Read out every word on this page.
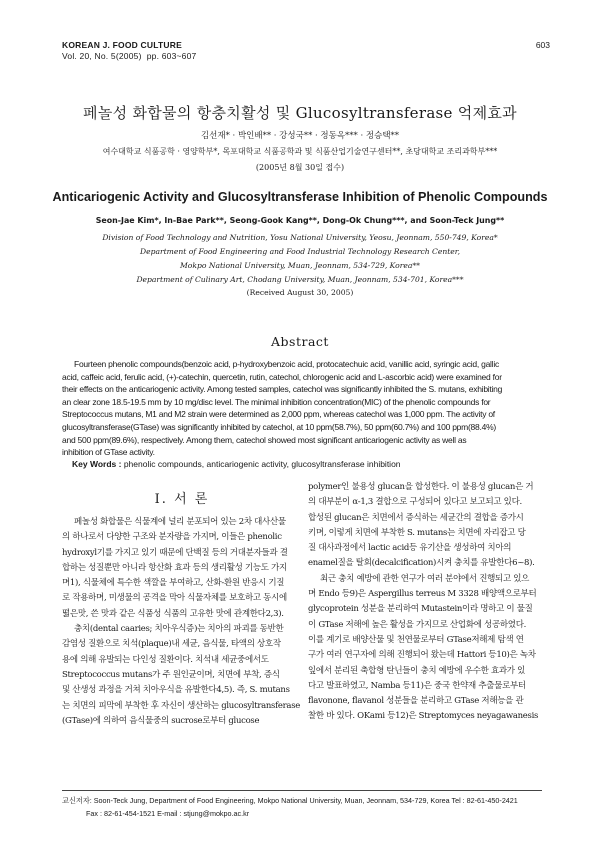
KOREAN J. FOOD CULTURE
Vol. 20, No. 5(2005) pp. 603~607
603
페놀성 화합물의 항충치활성 및 Glucosyltransferase 억제효과
김선재* · 박인배** · 강성국** · 정동옥*** · 정승택**
여수대학교 식품공학 · 영양학부*, 목포대학교 식품공학과 및 식품산업기술연구센터**, 초당대학교 조리과학부***
(2005년 8월 30일 접수)
Anticariogenic Activity and Glucosyltransferase Inhibition of Phenolic Compounds
Seon-Jae Kim*, In-Bae Park**, Seong-Gook Kang**, Dong-Ok Chung***, and Soon-Teck Jung**
Division of Food Technology and Nutrition, Yosu National University, Yeosu, Jeonnam, 550-749, Korea*
Department of Food Engineering and Food Industrial Technology Research Center,
Mokpo National University, Muan, Jeonnam, 534-729, Korea**
Department of Culinary Art, Chodang University, Muan, Jeonnam, 534-701, Korea***
(Received August 30, 2005)
Abstract
Fourteen phenolic compounds(benzoic acid, p-hydroxybenzoic acid, protocatechuic acid, vanillic acid, syringic acid, gallic
acid, caffeic acid, ferulic acid, (+)-catechin, quercetin, rutin, catechol, chlorogenic acid and L-ascorbic acid) were examined for
their effects on the anticariogenic activity. Among tested samples, catechol was significantly inhibited the S. mutans, exhibiting
an clear zone 18.5-19.5 mm by 10 mg/disc level. The minimal inhibition concentration(MIC) of the phenolic compounds for
Streptococcus mutans, M1 and M2 strain were determined as 2,000 ppm, whereas catechol was 1,000 ppm. The activity of
glucosyltransferase(GTase) was significantly inhibited by catechol, at 10 ppm(58.7%), 50 ppm(60.7%) and 100 ppm(88.4%)
and 500 ppm(89.6%), respectively. Among them, catechol showed most significant anticariogenic activity as well as
inhibition of GTase activity.
Key Words : phenolic compounds, anticariogenic activity, glucosyltransferase inhibition
I. 서 론
페놀성 화합물은 식물계에 널리 분포되어 있는 2차 대사산물
의 하나로서 다양한 구조와 분자량을 가지며, 이들은 phenolic
hydroxyl기를 가지고 있기 때문에 단백질 등의 거대분자들과 결
합하는 성질뿐만 아니라 항산화 효과 등의 생리활성 기능도 가지
며1), 식물체에 특수한 색깔을 부여하고, 산화-환원 반응시 기질
로 작용하며, 미생물의 공격을 막아 식물자체를 보호하고 동시에
떫은맛, 쓴 맛과 같은 식품성 식품의 고유한 맛에 관계한다2,3).
충치(dental caaries; 치아우식증)는 치아의 파괴를 동반한
감염성 질환으로 치석(plaque)내 세균, 음식물, 타액의 상호작
용에 의해 유발되는 다인성 질환이다. 치석내 세균중에서도
Streptococcus mutans가 주 원인균이며, 치면에 부착, 증식
및 산생성 과정을 거쳐 치아우식을 유발한다4,5). 즉, S. mutans
는 치면의 피막에 부착한 후 자신이 생산하는 glucosyltransferase
(GTase)에 의하여 음식물중의 sucrose로부터 glucose
polymer인 불용성 glucan을 합성한다. 이 불용성 glucan은 거
의 대부분이 α-1,3 결합으로 구성되어 있다고 보고되고 있다.
합성된 glucan은 치면에서 증식하는 세균간의 결합을 증가시
키며, 이렇게 치면에 부착한 S. mutans는 치면에 자리잡고 당
질 대사과정에서 lactic acid등 유기산을 생성하여 치아의
enamel질을 탈회(decalcification)시켜 충치를 유발한다6~8).
최근 충치 예방에 관한 연구가 여러 분야에서 진행되고 있으
며 Endo 등9)은 Aspergillus terreus M 3328 배양액으로부터
glycoprotein 성분을 분리하여 Mutastein이라 명하고 이 물질
이 GTase 저해에 높은 활성을 가지므로 산업화에 성공하였다.
이를 계기로 배양산물 및 천연물로부터 GTase저해제 탐색 연
구가 여러 연구자에 의해 진행되어 왔는데 Hattori 등10)은 녹차
잎에서 분리된 축합형 탄닌들이 충치 예방에 우수한 효과가 있
다고 발표하였고, Namba 등11)은 중국 한약재 추출물로부터
flavonone, flavanol 성분들을 분리하고 GTase 저해능을 관
찰한 바 있다. OKami 등12)은 Streptomyces neyagawanesis
교신저자: Soon-Teck Jung, Department of Food Engineering, Mokpo National University, Muan, Jeonnam, 534-729, Korea Tel : 82-61-450-2421
Fax : 82-61-454-1521 E-mail : stjung@mokpo.ac.kr
